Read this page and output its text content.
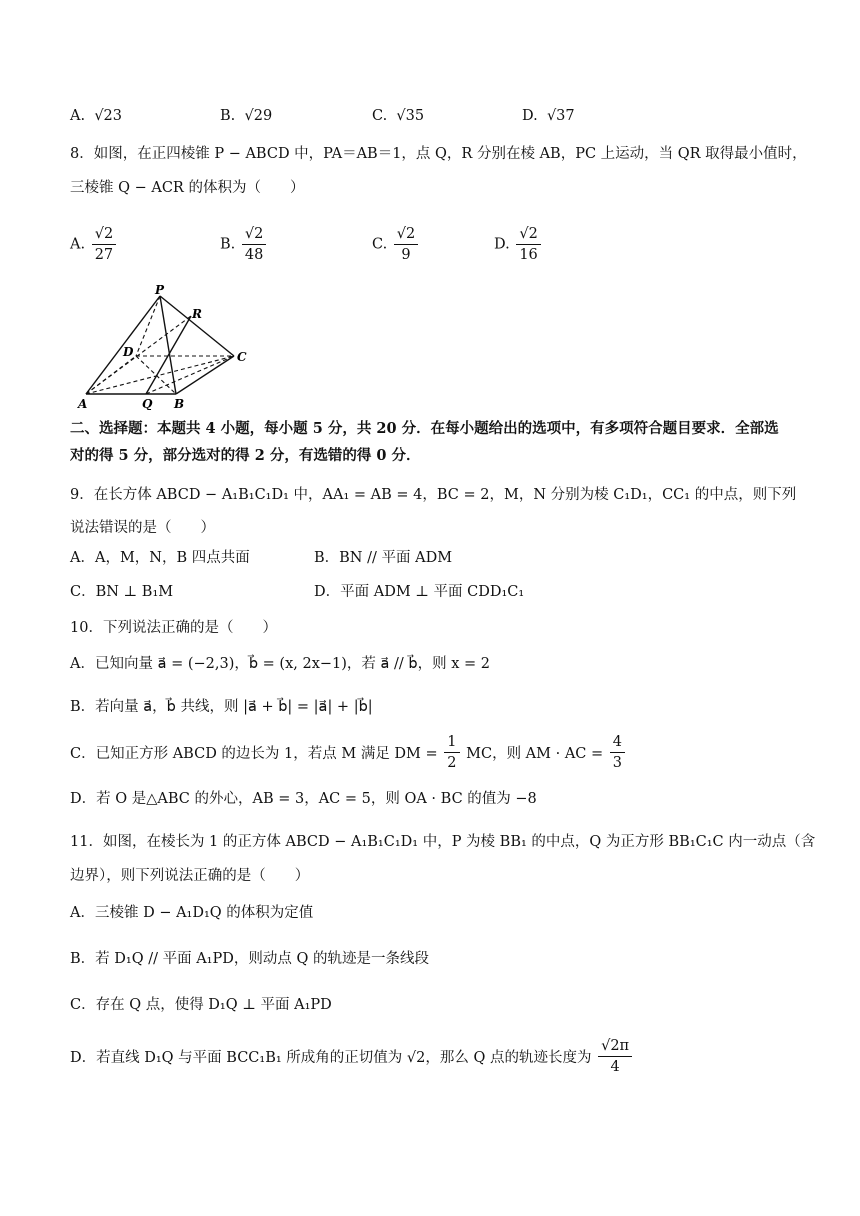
A. √23	B. √29	C. √35	D. √37
8．如图，在正四棱锥 P − ABCD 中，PA＝AB＝1，点 Q，R 分别在棱 AB，PC 上运动，当 QR 取得最小值时，
三棱锥 Q − ACR 的体积为（　　）
A. $\frac{√2}{27}$	B. $\frac{√2}{48}$	C. $\frac{√2}{9}$	D. $\frac{√2}{16}$
P
R
D	C
A	Q B
二、选择题：本题共 4 小题，每小题 5 分，共 20 分．在每小题给出的选项中，有多项符合题目要求．全部选
对的得 5 分，部分选对的得 2 分，有选错的得 0 分．
9．在长方体 ABCD − A₁B₁C₁D₁ 中，AA₁ = AB = 4，BC = 2，M，N 分别为棱 C₁D₁，CC₁ 的中点，则下列
说法错误的是（　　）
A．A，M，N，B 四点共面	B．BN // 平面 ADM
C．BN ⊥ B₁M	D．平面 ADM ⊥ 平面 CDD₁C₁
10．下列说法正确的是（　　）
A．已知向量 a⃗ = (−2,3)，b⃗ = (x, 2x−1)，若 a⃗ // b⃗，则 x = 2
B．若向量 a⃗，b⃗ 共线，则 |a⃗ + b⃗| = |a⃗| + |b⃗|
C．已知正方形 ABCD 的边长为 1，若点 M 满足 DM = $\frac{1}{2}$ MC，则 AM · AC = $\frac{4}{3}$
D．若 O 是△ABC 的外心，AB = 3，AC = 5，则 OA · BC 的值为 −8
11．如图，在棱长为 1 的正方体 ABCD − A₁B₁C₁D₁ 中，P 为棱 BB₁ 的中点，Q 为正方形 BB₁C₁C 内一动点（含
边界），则下列说法正确的是（　　）
A．三棱锥 D − A₁D₁Q 的体积为定值
B．若 D₁Q // 平面 A₁PD，则动点 Q 的轨迹是一条线段
C．存在 Q 点，使得 D₁Q ⊥ 平面 A₁PD
D．若直线 D₁Q 与平面 BCC₁B₁ 所成角的正切值为 √2，那么 Q 点的轨迹长度为 $\frac{√2\pi}{4}$
